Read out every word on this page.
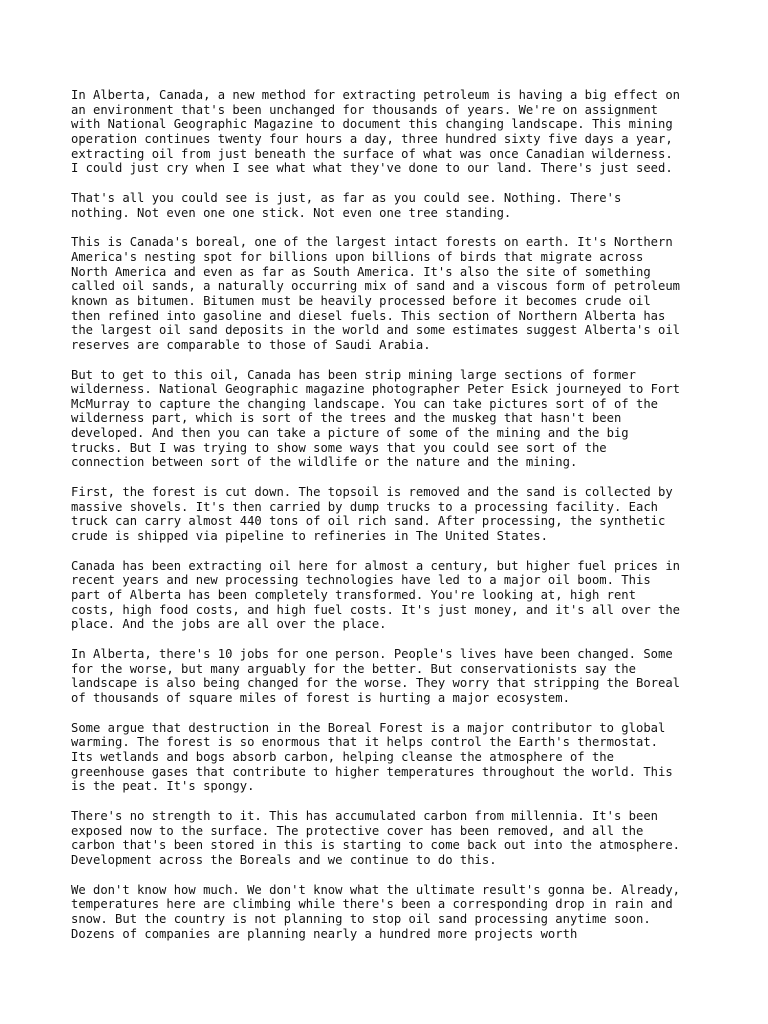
In Alberta, Canada, a new method for extracting petroleum is having a big effect on
an environment that's been unchanged for thousands of years. We're on assignment
with National Geographic Magazine to document this changing landscape. This mining
operation continues twenty four hours a day, three hundred sixty five days a year,
extracting oil from just beneath the surface of what was once Canadian wilderness.
I could just cry when I see what what they've done to our land. There's just seed.

That's all you could see is just, as far as you could see. Nothing. There's
nothing. Not even one one stick. Not even one tree standing.

This is Canada's boreal, one of the largest intact forests on earth. It's Northern
America's nesting spot for billions upon billions of birds that migrate across
North America and even as far as South America. It's also the site of something
called oil sands, a naturally occurring mix of sand and a viscous form of petroleum
known as bitumen. Bitumen must be heavily processed before it becomes crude oil
then refined into gasoline and diesel fuels. This section of Northern Alberta has
the largest oil sand deposits in the world and some estimates suggest Alberta's oil
reserves are comparable to those of Saudi Arabia.

But to get to this oil, Canada has been strip mining large sections of former
wilderness. National Geographic magazine photographer Peter Esick journeyed to Fort
McMurray to capture the changing landscape. You can take pictures sort of of the
wilderness part, which is sort of the trees and the muskeg that hasn't been
developed. And then you can take a picture of some of the mining and the big
trucks. But I was trying to show some ways that you could see sort of the
connection between sort of the wildlife or the nature and the mining.

First, the forest is cut down. The topsoil is removed and the sand is collected by
massive shovels. It's then carried by dump trucks to a processing facility. Each
truck can carry almost 440 tons of oil rich sand. After processing, the synthetic
crude is shipped via pipeline to refineries in The United States.

Canada has been extracting oil here for almost a century, but higher fuel prices in
recent years and new processing technologies have led to a major oil boom. This
part of Alberta has been completely transformed. You're looking at, high rent
costs, high food costs, and high fuel costs. It's just money, and it's all over the
place. And the jobs are all over the place.

In Alberta, there's 10 jobs for one person. People's lives have been changed. Some
for the worse, but many arguably for the better. But conservationists say the
landscape is also being changed for the worse. They worry that stripping the Boreal
of thousands of square miles of forest is hurting a major ecosystem.

Some argue that destruction in the Boreal Forest is a major contributor to global
warming. The forest is so enormous that it helps control the Earth's thermostat.
Its wetlands and bogs absorb carbon, helping cleanse the atmosphere of the
greenhouse gases that contribute to higher temperatures throughout the world. This
is the peat. It's spongy.

There's no strength to it. This has accumulated carbon from millennia. It's been
exposed now to the surface. The protective cover has been removed, and all the
carbon that's been stored in this is starting to come back out into the atmosphere.
Development across the Boreals and we continue to do this.

We don't know how much. We don't know what the ultimate result's gonna be. Already,
temperatures here are climbing while there's been a corresponding drop in rain and
snow. But the country is not planning to stop oil sand processing anytime soon.
Dozens of companies are planning nearly a hundred more projects worth
